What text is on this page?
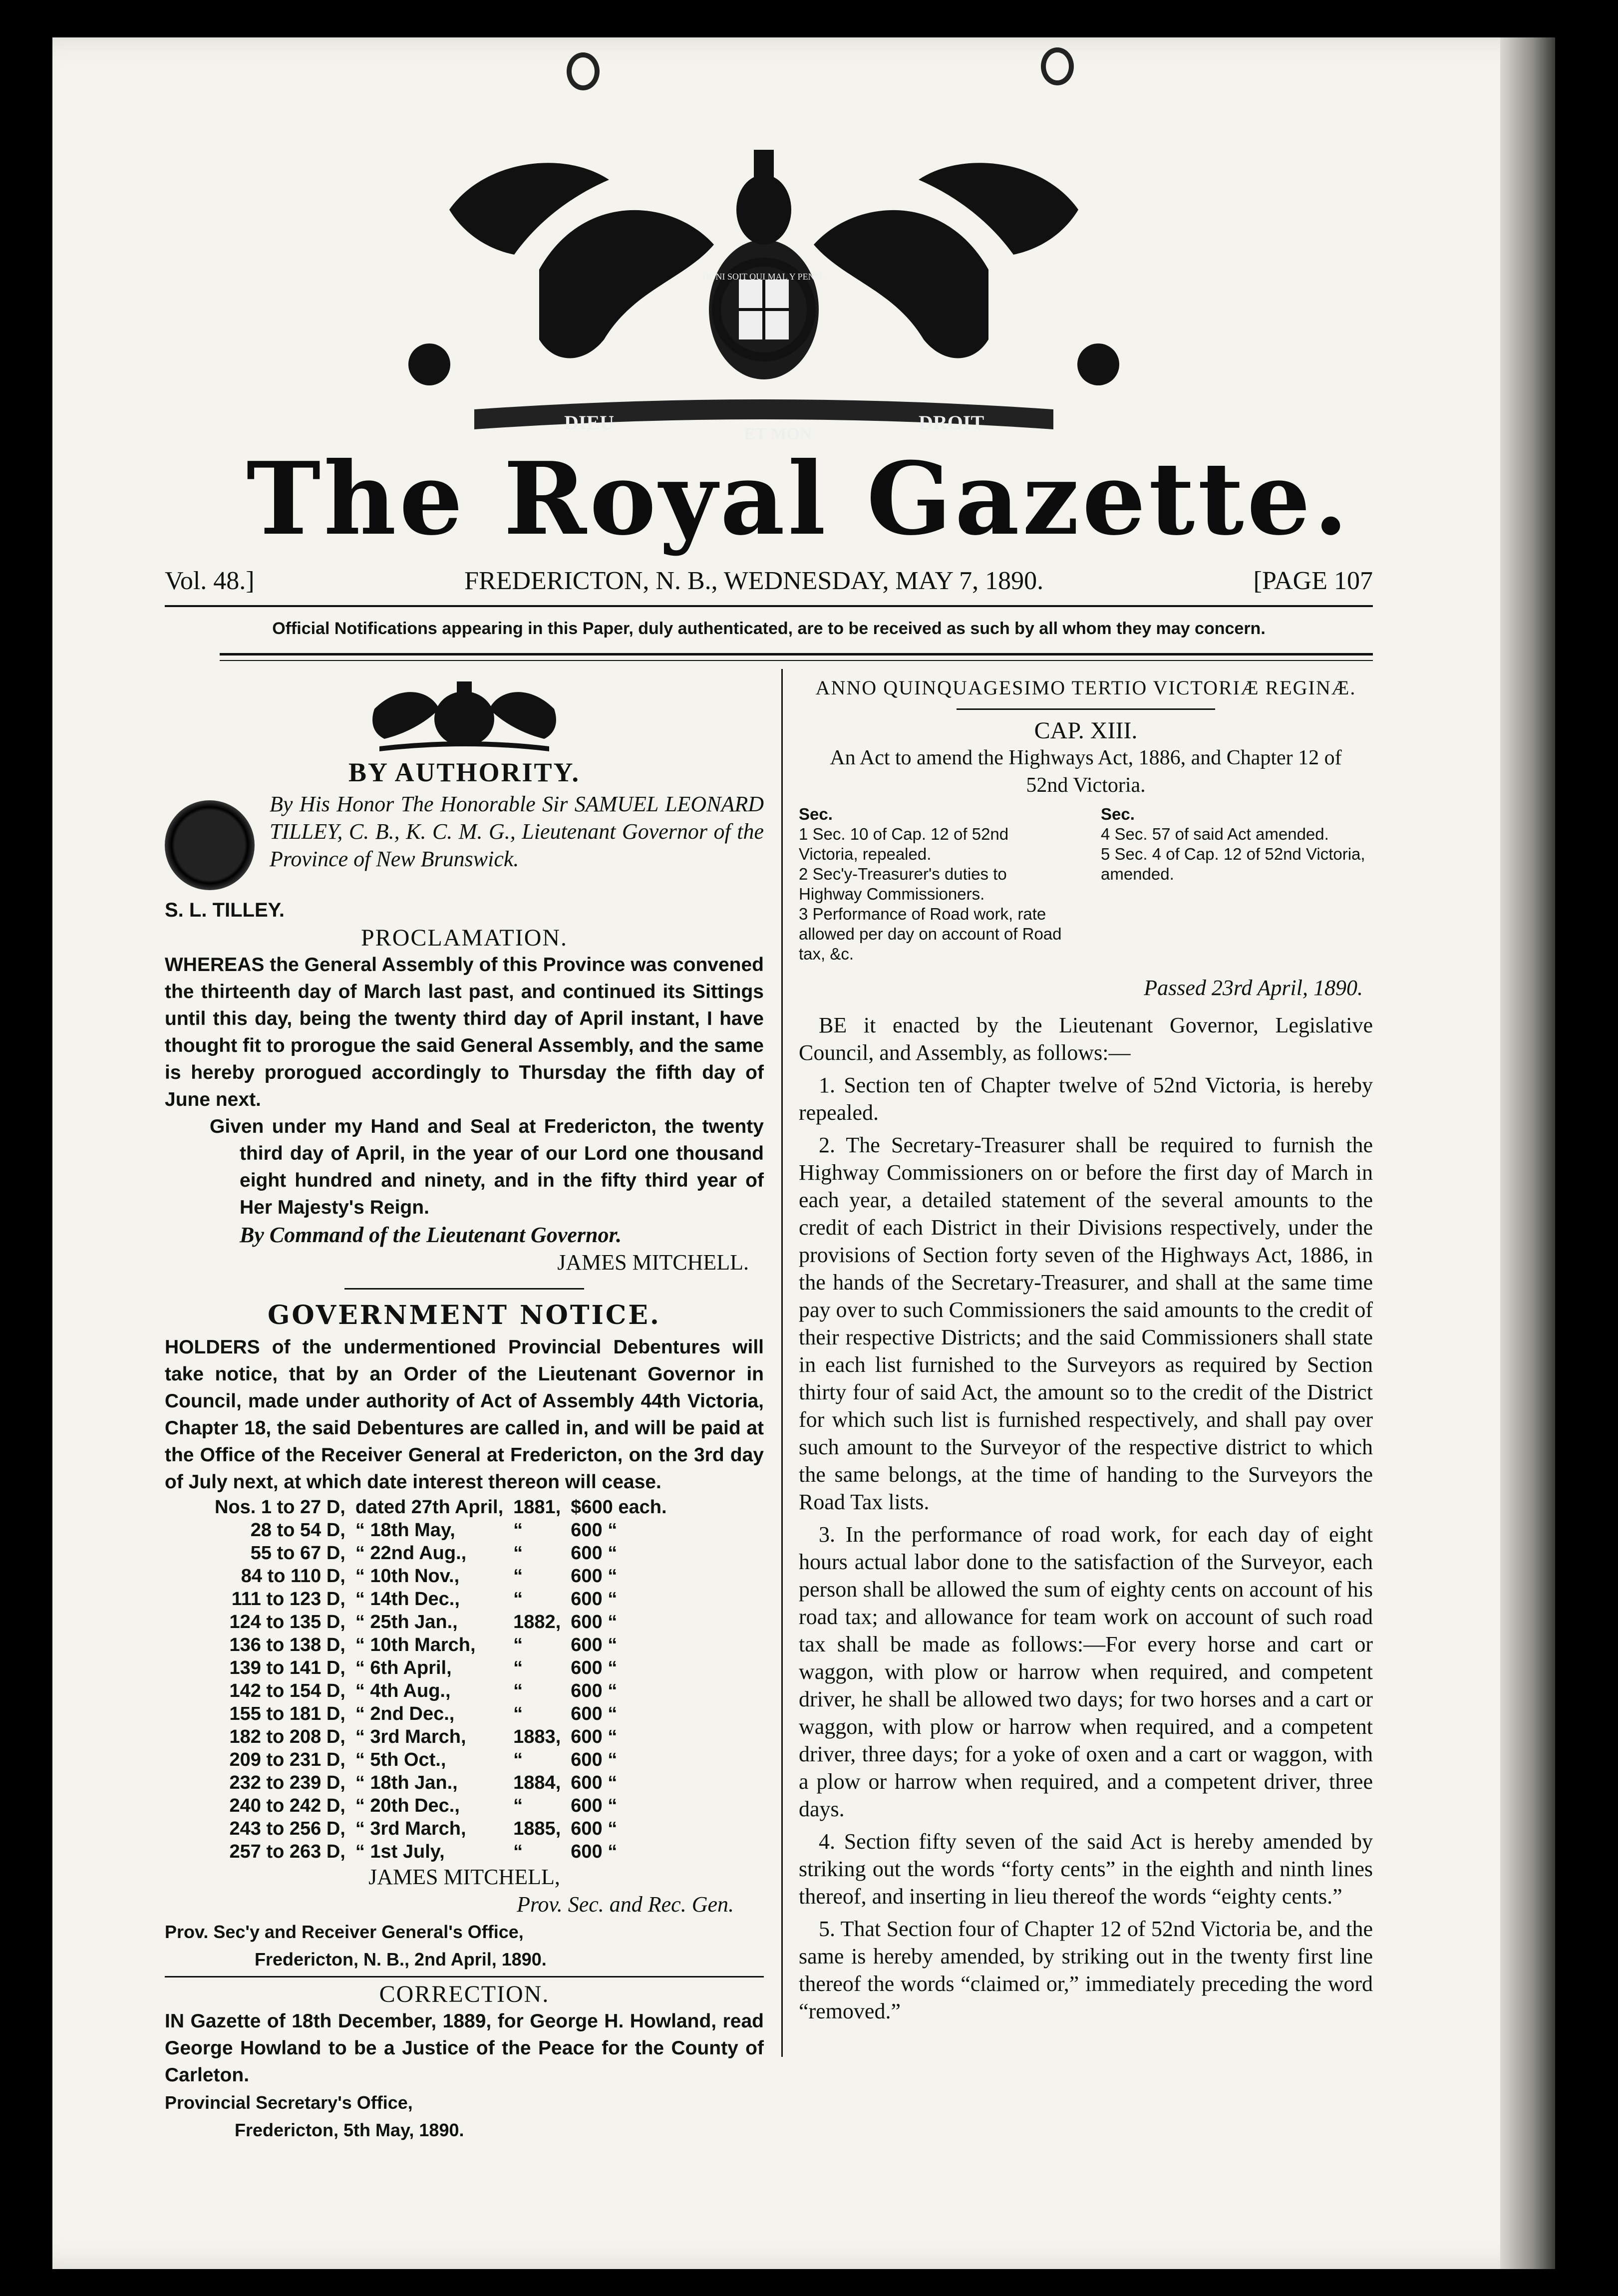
DIEU
ET MON
DROIT
HONI SOIT QUI MAL Y PENSE
The Royal Gazette.
Vol. 48.]	FREDERICTON, N. B., WEDNESDAY, MAY 7, 1890.	[PAGE 107
Official Notifications appearing in this Paper, duly authenticated, are to be received as such by all whom they may concern.

BY AUTHORITY.

By His Honor The Honorable Sir SAMUEL LEONARD TILLEY, C. B., K. C. M. G., Lieutenant Governor of the Province of New Brunswick.

S. L. TILLEY.

PROCLAMATION.

WHEREAS the General Assembly of this Province was convened the thirteenth day of March last past, and continued its Sittings until this day, being the twenty third day of April instant, I have thought fit to prorogue the said General Assembly, and the same is hereby prorogued accordingly to Thursday the fifth day of June next.

Given under my Hand and Seal at Fredericton, the twenty third day of April, in the year of our Lord one thousand eight hundred and ninety, and in the fifty third year of Her Majesty's Reign.

By Command of the Lieutenant Governor.

JAMES MITCHELL.

GOVERNMENT NOTICE.

HOLDERS of the undermentioned Provincial Debentures will take notice, that by an Order of the Lieutenant Governor in Council, made under authority of Act of Assembly 44th Victoria, Chapter 18, the said Debentures are called in, and will be paid at the Office of the Receiver General at Fredericton, on the 3rd day of July next, at which date interest thereon will cease.

Nos. 1 to 27 D,	dated 27th April,	1881,	$600 each.
28 to 54 D,	“ 18th May,	“	600 “
55 to 67 D,	“ 22nd Aug.,	“	600 “
84 to 110 D,	“ 10th Nov.,	“	600 “
111 to 123 D,	“ 14th Dec.,	“	600 “
124 to 135 D,	“ 25th Jan.,	1882,	600 “
136 to 138 D,	“ 10th March,	“	600 “
139 to 141 D,	“ 6th April,	“	600 “
142 to 154 D,	“ 4th Aug.,	“	600 “
155 to 181 D,	“ 2nd Dec.,	“	600 “
182 to 208 D,	“ 3rd March,	1883,	600 “
209 to 231 D,	“ 5th Oct.,	“	600 “
232 to 239 D,	“ 18th Jan.,	1884,	600 “
240 to 242 D,	“ 20th Dec.,	“	600 “
243 to 256 D,	“ 3rd March,	1885,	600 “
257 to 263 D,	“ 1st July,	“	600 “

JAMES MITCHELL,

Prov. Sec. and Rec. Gen.

Prov. Sec'y and Receiver General's Office,

Fredericton, N. B., 2nd April, 1890.

CORRECTION.

IN Gazette of 18th December, 1889, for George H. Howland, read George Howland to be a Justice of the Peace for the County of Carleton.

Provincial Secretary's Office,

Fredericton, 5th May, 1890.

ANNO QUINQUAGESIMO TERTIO VICTORIÆ REGINÆ.

CAP. XIII.

An Act to amend the Highways Act, 1886, and Chapter 12 of 52nd Victoria.

Sec.

1 Sec. 10 of Cap. 12 of 52nd Victoria, repealed.

2 Sec'y-Treasurer's duties to Highway Commissioners.

3 Performance of Road work, rate allowed per day on account of Road tax, &c.

Sec.

4 Sec. 57 of said Act amended.

5 Sec. 4 of Cap. 12 of 52nd Victoria, amended.

Passed 23rd April, 1890.

BE it enacted by the Lieutenant Governor, Legislative Council, and Assembly, as follows:—

1. Section ten of Chapter twelve of 52nd Victoria, is hereby repealed.

2. The Secretary-Treasurer shall be required to furnish the Highway Commissioners on or before the first day of March in each year, a detailed statement of the several amounts to the credit of each District in their Divisions respectively, under the provisions of Section forty seven of the Highways Act, 1886, in the hands of the Secretary-Treasurer, and shall at the same time pay over to such Commissioners the said amounts to the credit of their respective Districts; and the said Commissioners shall state in each list furnished to the Surveyors as required by Section thirty four of said Act, the amount so to the credit of the District for which such list is furnished respectively, and shall pay over such amount to the Surveyor of the respective district to which the same belongs, at the time of handing to the Surveyors the Road Tax lists.

3. In the performance of road work, for each day of eight hours actual labor done to the satisfaction of the Surveyor, each person shall be allowed the sum of eighty cents on account of his road tax; and allowance for team work on account of such road tax shall be made as follows:—For every horse and cart or waggon, with plow or harrow when required, and competent driver, he shall be allowed two days; for two horses and a cart or waggon, with plow or harrow when required, and a competent driver, three days; for a yoke of oxen and a cart or waggon, with a plow or harrow when required, and a competent driver, three days.

4. Section fifty seven of the said Act is hereby amended by striking out the words “forty cents” in the eighth and ninth lines thereof, and inserting in lieu thereof the words “eighty cents.”

5. That Section four of Chapter 12 of 52nd Victoria be, and the same is hereby amended, by striking out in the twenty first line thereof the words “claimed or,” immediately preceding the word “removed.”
